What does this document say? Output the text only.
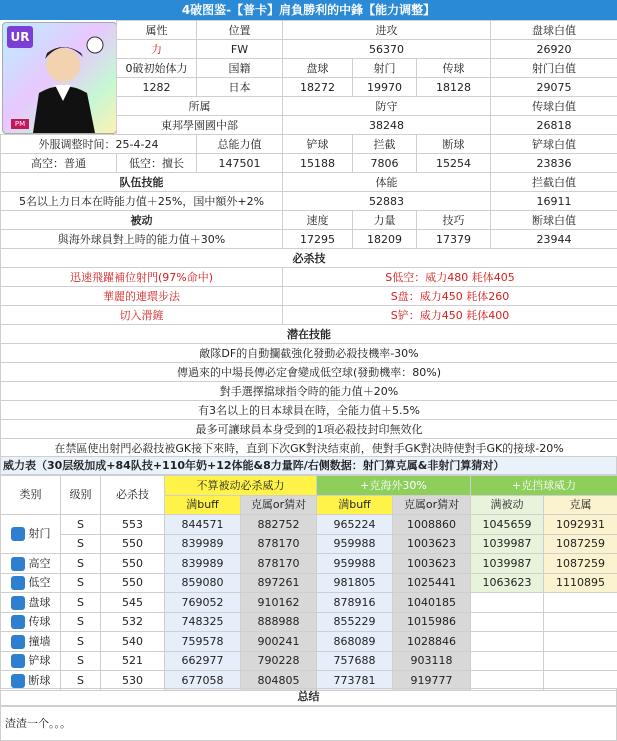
4破图鉴-【普卡】肩負勝利的中鋒【能力调整】
UR
PM
	属性	位置	进攻			盘球白值
	力	FW	56370			26920
	0破初始体力	国籍	盘球	射门	传球	射门白值
	1282	日本	18272	19970	18128	29075
	所属		防守			传球白值
	東邦學園國中部		38248			26818
外服调整时间：25-4-24		总能力值	铲球	拦截	断球	铲球白值
高空：普通	低空：擅长	147501	15188	7806	15254	23836
队伍技能			体能			拦截白值
5名以上力日本在時能力值＋25%，国中額外+2%			52883			16911
被动			速度	力量	技巧	断球白值
與海外球員對上時的能力值＋30%			17295	18209	17379	23944
必杀技						
迅速飛躍補位射門(97%命中)			S低空：威力480 耗体405			
華麗的連環步法			S盘：威力450 耗体260			
切入滑鏟			S铲：威力450 耗体400			
潜在技能						
敵隊DF的自動攔截強化發動必殺技機率-30%						
傳過來的中場長傳必定會變成低空球(發動機率：80%)						
對手選擇擋球指令時的能力值＋20%						
有3名以上的日本球員在時，全能力值＋5.5%						
最多可讓球員本身受到的1項必殺技封印無效化						
在禁區使出射門必殺技被GK接下來時，直到下次GK對決结束前，使對手GK對决時使對手GK的接球-20%						
威力表（30层级加成+84队技+110年奶+12体能&8力量阵/右侧数据：射门算克属&非射门算猜对）
类别	级别	必杀技	不算被动必杀威力		+克海外30%		+克挡球威力	
			满buff	克属or猜对	满buff	克属or猜对	满被动	克属
射门	S	553	844571	882752	965224	1008860	1045659	1092931
	S	550	839989	878170	959988	1003623	1039987	1087259
高空	S	550	839989	878170	959988	1003623	1039987	1087259
低空	S	550	859080	897261	981805	1025441	1063623	1110895
盘球	S	545	769052	910162	878916	1040185		
传球	S	532	748325	888988	855229	1015986		
撞墙	S	540	759578	900241	868089	1028846		
铲球	S	521	662977	790228	757688	903118		
断球	S	530	677058	804805	773781	919777		
总结
渣渣一个。。。
